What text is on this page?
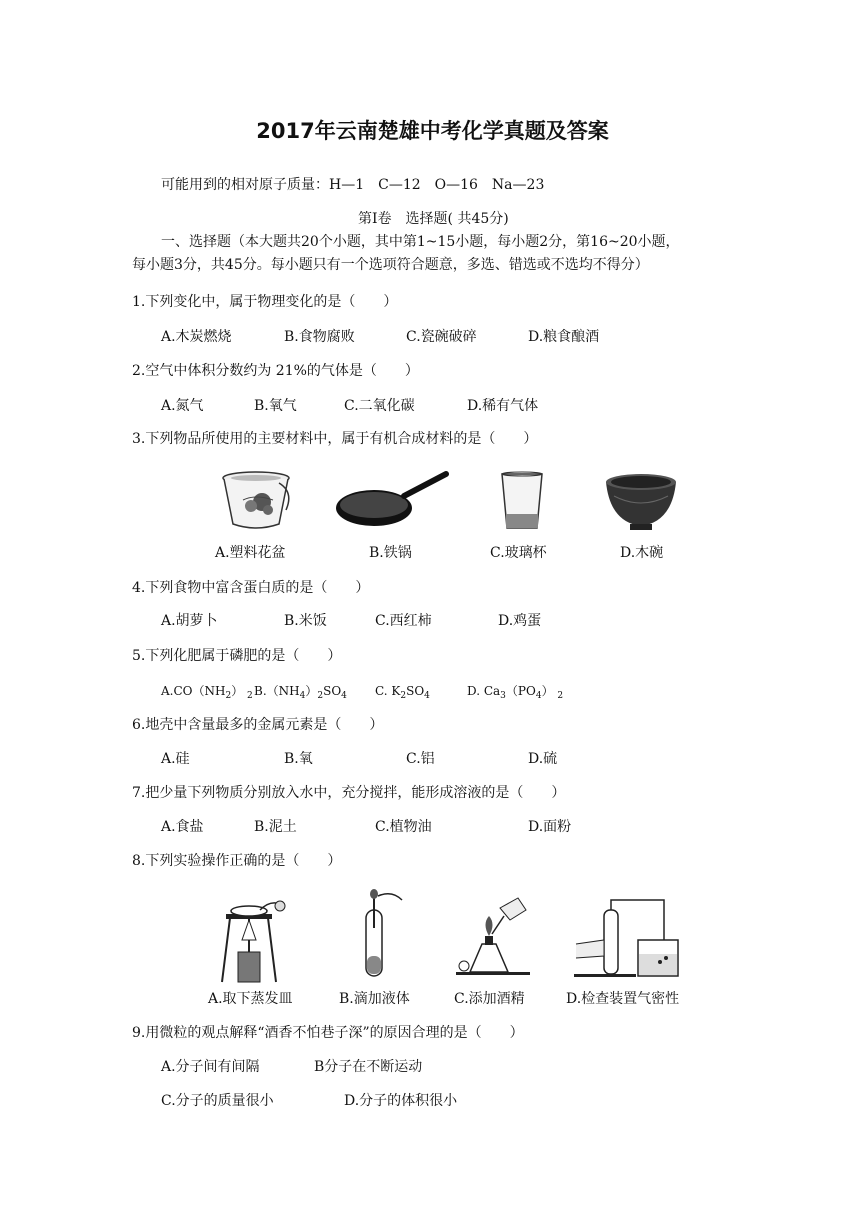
2017年云南楚雄中考化学真题及答案
可能用到的相对原子质量：H—1　C—12　O—16　Na—23
第Ⅰ卷　选择题( 共45分)
一、选择题（本大题共20个小题，其中第1~15小题，每小题2分，第16~20小题，
每小题3分，共45分。每小题只有一个选项符合题意，多选、错选或不选均不得分）
1.下列变化中，属于物理变化的是（　　）
A.木炭燃烧	B.食物腐败	C.瓷碗破碎	D.粮食酿酒
2.空气中体积分数约为 21%的气体是（　　）
A.氮气	B.氧气	C.二氧化碳	D.稀有气体
3.下列物品所使用的主要材料中，属于有机合成材料的是（　　）
A.塑料花盆	B.铁锅	C.玻璃杯	D.木碗
4.下列食物中富含蛋白质的是（　　）
A.胡萝卜	B.米饭	C.西红柿	D.鸡蛋
5.下列化肥属于磷肥的是（　　）
$A.CO(NH_2)$ $_2$ $B.(NH_4)_2SO_4$ C. $K_2SO_4$	D. $Ca_3(PO_4)$ $_2$
6.地壳中含量最多的金属元素是（　　）
A.硅	B.氧	C.铝	D.硫
7.把少量下列物质分别放入水中，充分搅拌，能形成溶液的是（　　）
A.食盐	B.泥土	C.植物油	D.面粉
8.下列实验操作正确的是（　　）
A.取下蒸发皿	B.滴加液体	C.添加酒精	D.检查装置气密性
9.用微粒的观点解释“酒香不怕巷子深”的原因合理的是（　　）
A.分子间有间隔	B分子在不断运动
C.分子的质量很小	D.分子的体积很小
